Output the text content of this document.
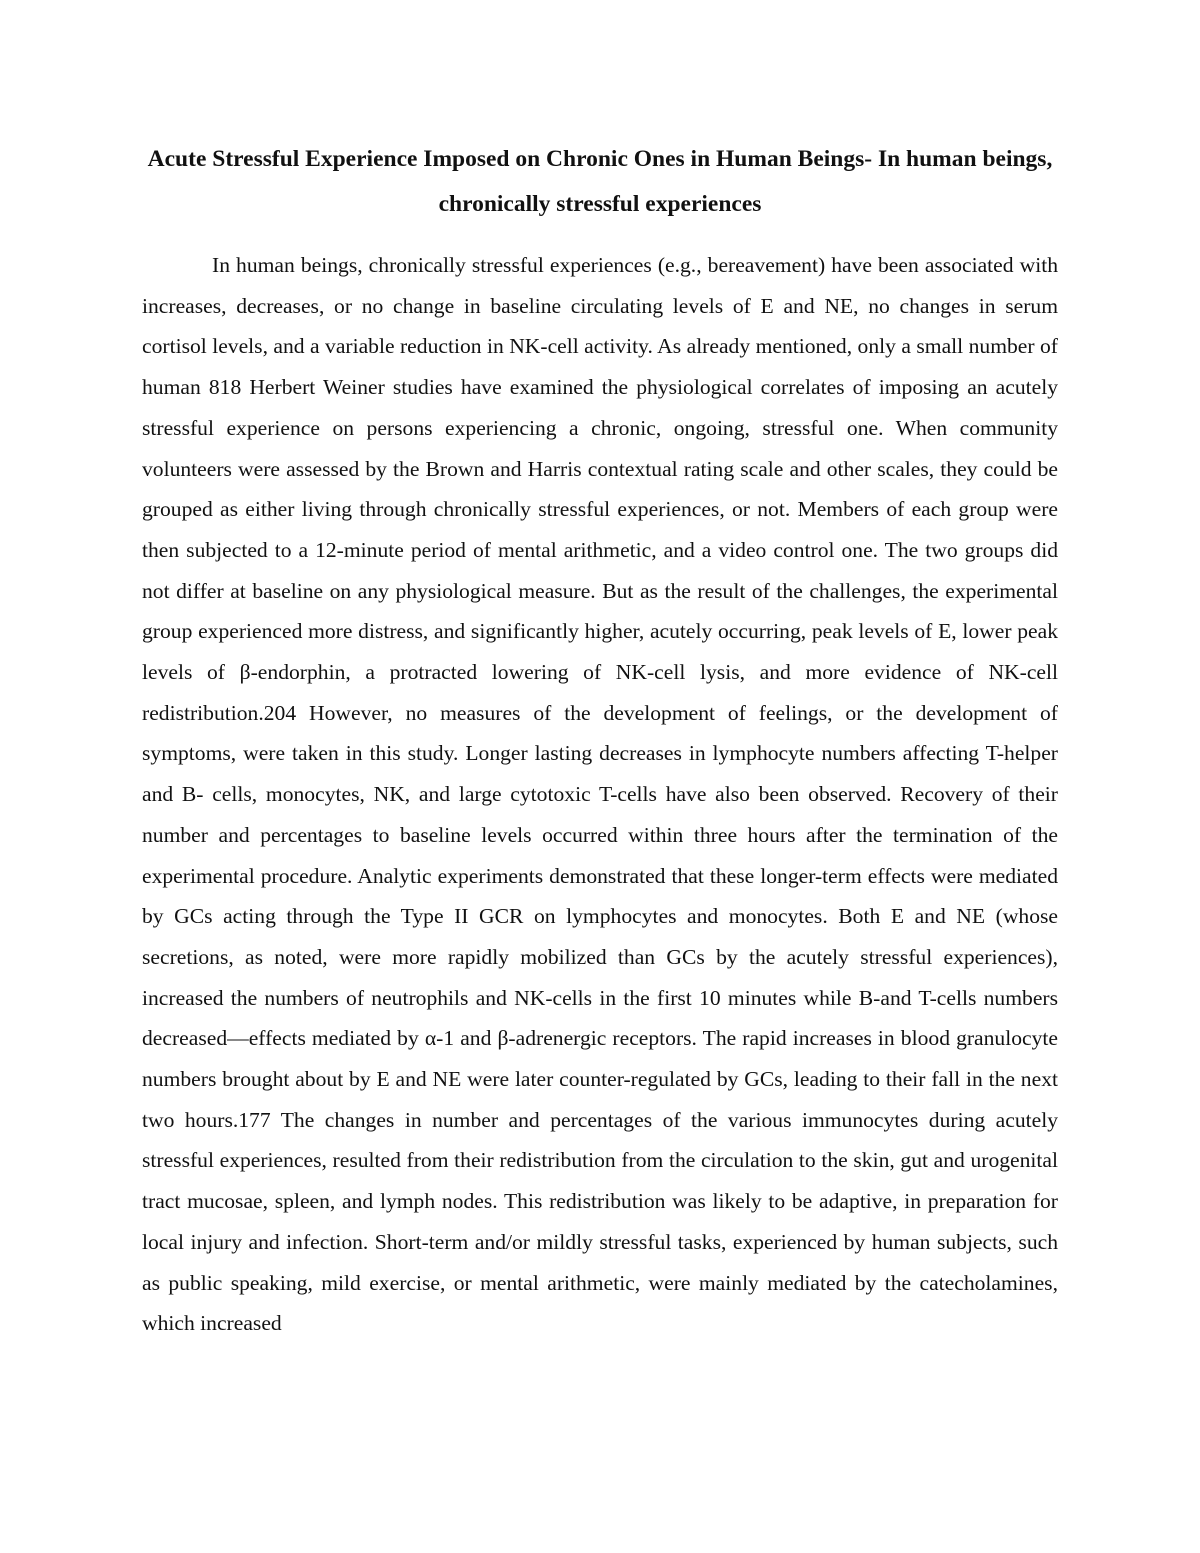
Acute Stressful Experience Imposed on Chronic Ones in Human Beings- In human beings, chronically stressful experiences

In human beings, chronically stressful experiences (e.g., bereavement) have been associated with increases, decreases, or no change in baseline circulating levels of E and NE, no changes in serum cortisol levels, and a variable reduction in NK-cell activity. As already mentioned, only a small number of human 818 Herbert Weiner studies have examined the physiological correlates of imposing an acutely stressful experience on persons experiencing a chronic, ongoing, stressful one. When community volunteers were assessed by the Brown and Harris contextual rating scale and other scales, they could be grouped as either living through chronically stressful experiences, or not. Members of each group were then subjected to a 12-minute period of mental arithmetic, and a video control one. The two groups did not differ at baseline on any physiological measure. But as the result of the challenges, the experimental group experienced more distress, and significantly higher, acutely occurring, peak levels of E, lower peak levels of β-endorphin, a protracted lowering of NK-cell lysis, and more evidence of NK-cell redistribution.204 However, no measures of the development of feelings, or the development of symptoms, were taken in this study. Longer lasting decreases in lymphocyte numbers affecting T-helper and B- cells, monocytes, NK, and large cytotoxic T-cells have also been observed. Recovery of their number and percentages to baseline levels occurred within three hours after the termination of the experimental procedure. Analytic experiments demonstrated that these longer-term effects were mediated by GCs acting through the Type II GCR on lymphocytes and monocytes. Both E and NE (whose secretions, as noted, were more rapidly mobilized than GCs by the acutely stressful experiences), increased the numbers of neutrophils and NK-cells in the first 10 minutes while B-and T-cells numbers decreased—effects mediated by α-1 and β-adrenergic receptors. The rapid increases in blood granulocyte numbers brought about by E and NE were later counter-regulated by GCs, leading to their fall in the next two hours.177 The changes in number and percentages of the various immunocytes during acutely stressful experiences, resulted from their redistribution from the circulation to the skin, gut and urogenital tract mucosae, spleen, and lymph nodes. This redistribution was likely to be adaptive, in preparation for local injury and infection. Short-term and/or mildly stressful tasks, experienced by human subjects, such as public speaking, mild exercise, or mental arithmetic, were mainly mediated by the catecholamines, which increased
